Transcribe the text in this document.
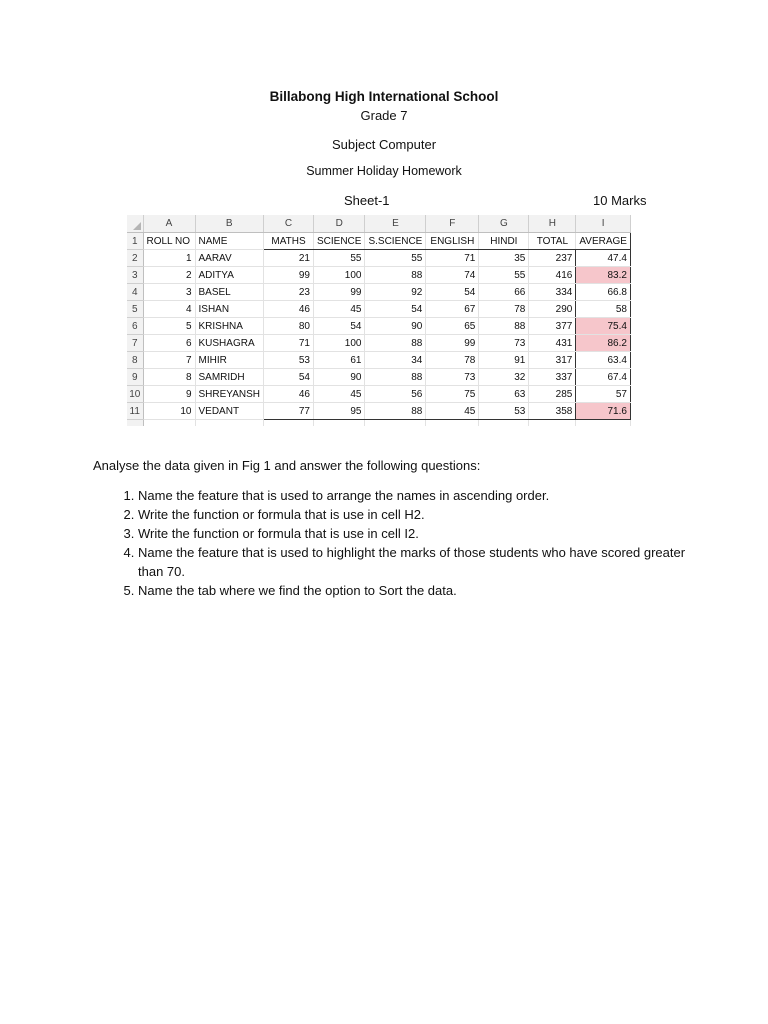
Billabong High International School
Grade 7
Subject Computer
Summer Holiday Homework
Sheet-1	10 Marks
	A	B	C	D	E	F	G	H	I
1	ROLL NO	NAME	MATHS	SCIENCE	S.SCIENCE	ENGLISH	HINDI	TOTAL	AVERAGE
2	1	AARAV	21	55	55	71	35	237	47.4
3	2	ADITYA	99	100	88	74	55	416	83.2
4	3	BASEL	23	99	92	54	66	334	66.8
5	4	ISHAN	46	45	54	67	78	290	58
6	5	KRISHNA	80	54	90	65	88	377	75.4
7	6	KUSHAGRA	71	100	88	99	73	431	86.2
8	7	MIHIR	53	61	34	78	91	317	63.4
9	8	SAMRIDH	54	90	88	73	32	337	67.4
10	9	SHREYANSH	46	45	56	75	63	285	57
11	10	VEDANT	77	95	88	45	53	358	71.6

Analyse the data given in Fig 1 and answer the following questions:
1. Name the feature that is used to arrange the names in ascending order.
2. Write the function or formula that is use in cell H2.
3. Write the function or formula that is use in cell I2.
4. Name the feature that is used to highlight the marks of those students who have scored greater than 70.
5. Name the tab where we find the option to Sort the data.
